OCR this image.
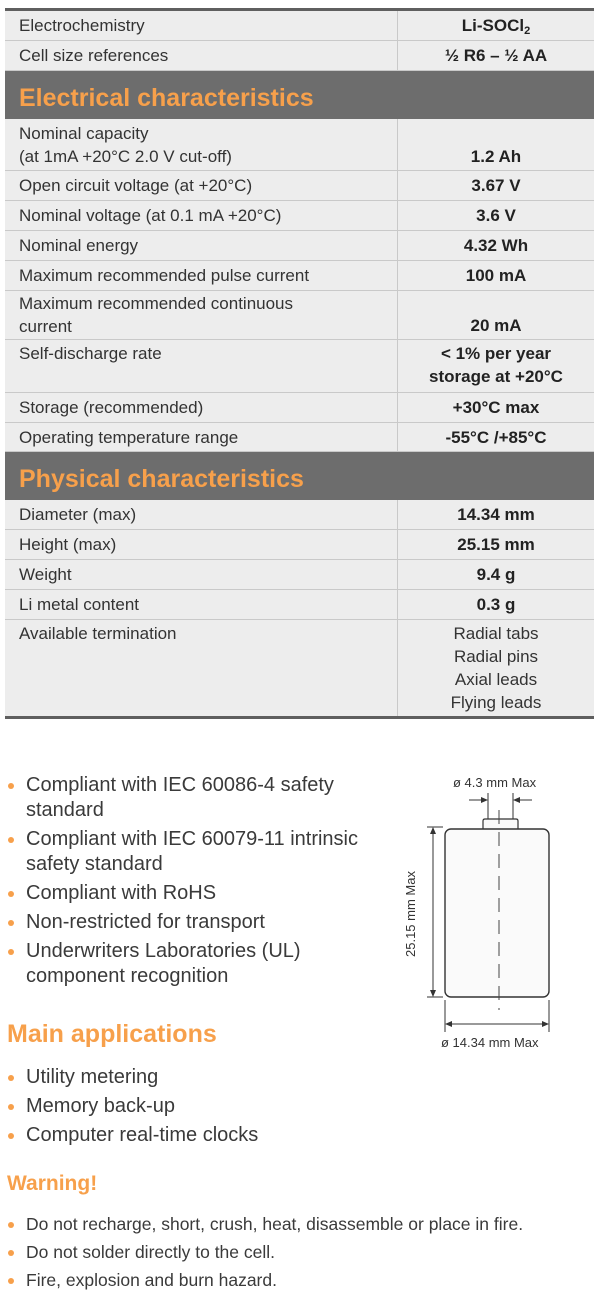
Electrochemistry	Li-SOCl$_2$
Cell size references	½ R6 – ½ AA
Electrical characteristics
Nominal capacity
(at 1mA +20°C 2.0 V cut-off)	1.2 Ah
Open circuit voltage (at +20°C)	3.67 V
Nominal voltage (at 0.1 mA +20°C)	3.6 V
Nominal energy	4.32 Wh
Maximum recommended pulse current	100 mA
Maximum recommended continuous
current	20 mA
Self-discharge rate	< 1% per year
storage at +20°C
Storage (recommended)	+30°C max
Operating temperature range	-55°C /+85°C
Physical characteristics
Diameter (max)	14.34 mm
Height (max)	25.15 mm
Weight	9.4 g
Li metal content	0.3 g
Available termination	Radial tabs
Radial pins
Axial leads
Flying leads
Compliant with IEC 60086-4 safety
standard
Compliant with IEC 60079-11 intrinsic
safety standard
Compliant with RoHS
Non-restricted for transport
Underwriters Laboratories (UL)
component recognition
ø 4.3 mm Max
25.15 mm Max
ø 14.34 mm Max
Main applications
Utility metering
Memory back-up
Computer real-time clocks
Warning!
Do not recharge, short, crush, heat, disassemble or place in fire.
Do not solder directly to the cell.
Fire, explosion and burn hazard.
